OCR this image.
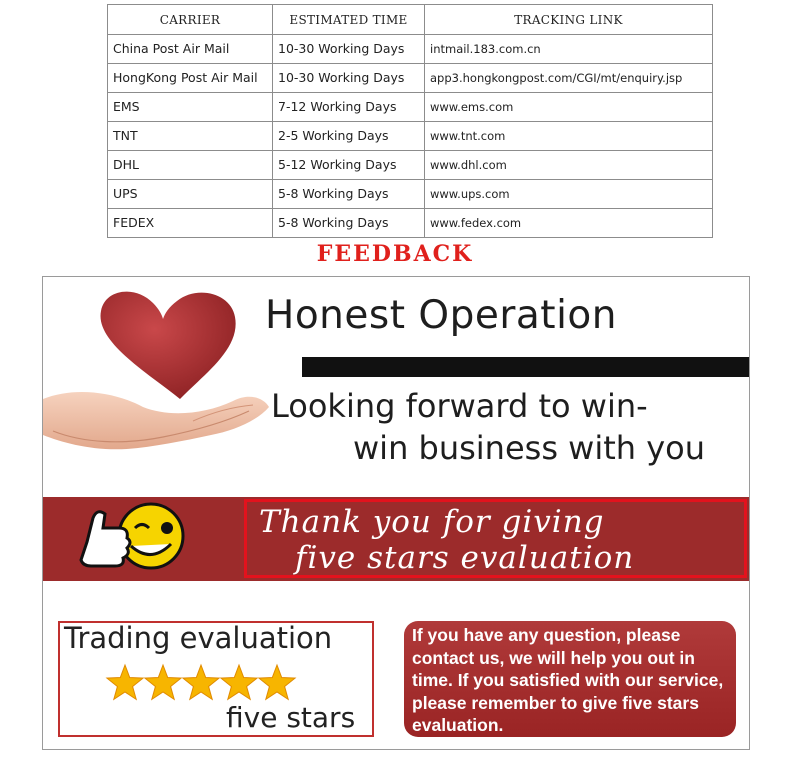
CARRIER	ESTIMATED TIME	TRACKING LINK
China Post Air Mail	10-30 Working Days	intmail.183.com.cn
HongKong Post Air Mail	10-30 Working Days	app3.hongkongpost.com/CGI/mt/enquiry.jsp
EMS	7-12 Working Days	www.ems.com
TNT	2-5 Working Days	www.tnt.com
DHL	5-12 Working Days	www.dhl.com
UPS	5-8 Working Days	www.ups.com
FEDEX	5-8 Working Days	www.fedex.com
FEEDBACK
Honest Operation
Looking forward to win-
win business with you
Thank you for giving
five stars evaluation
Trading evaluation
five stars
If you have any question, please contact us, we will help you out in time. If you satisfied with our service, please remember to give five stars evaluation.
